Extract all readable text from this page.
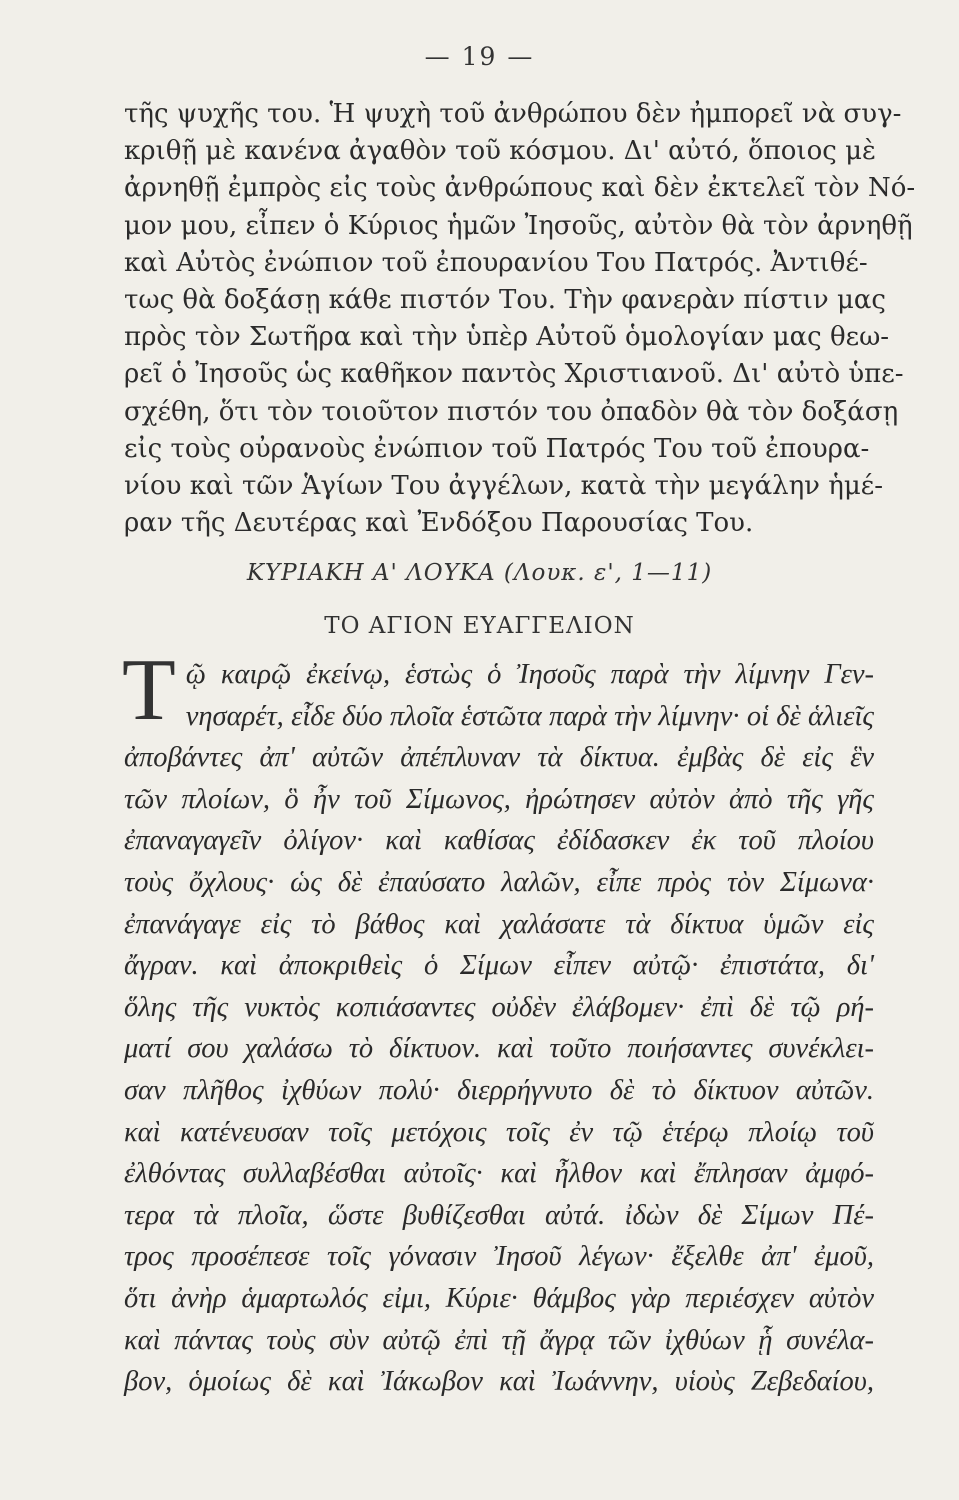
— 19 —
τῆς ψυχῆς του. Ἡ ψυχὴ τοῦ ἀνθρώπου δὲν ἠμπορεῖ νὰ συγ-
κριθῇ μὲ κανένα ἀγαθὸν τοῦ κόσμου. Δι' αὐτό, ὅποιος μὲ
ἀρνηθῇ ἐμπρὸς εἰς τοὺς ἀνθρώπους καὶ δὲν ἐκτελεῖ τὸν Νό-
μον μου, εἶπεν ὁ Κύριος ἡμῶν Ἰησοῦς, αὐτὸν θὰ τὸν ἀρνηθῇ
καὶ Αὐτὸς ἐνώπιον τοῦ ἐπουρανίου Του Πατρός. Ἀντιθέ-
τως θὰ δοξάσῃ κάθε πιστόν Του. Τὴν φανερὰν πίστιν μας
πρὸς τὸν Σωτῆρα καὶ τὴν ὑπὲρ Αὐτοῦ ὁμολογίαν μας θεω-
ρεῖ ὁ Ἰησοῦς ὡς καθῆκον παντὸς Χριστιανοῦ. Δι' αὐτὸ ὑπε-
σχέθη, ὅτι τὸν τοιοῦτον πιστόν του ὀπαδὸν θὰ τὸν δοξάσῃ
εἰς τοὺς οὐρανοὺς ἐνώπιον τοῦ Πατρός Του τοῦ ἐπουρα-
νίου καὶ τῶν Ἁγίων Του ἀγγέλων, κατὰ τὴν μεγάλην ἡμέ-
ραν τῆς Δευτέρας καὶ Ἐνδόξου Παρουσίας Του.
ΚΥΡΙΑΚΗ Α' ΛΟΥΚΑ (Λουκ. ε', 1—11)
ΤΟ ΑΓΙΟΝ ΕΥΑΓΓΕΛΙΟΝ
Τ ῷ καιρῷ ἐκείνῳ, ἑστὼς ὁ Ἰησοῦς παρὰ τὴν λίμνην Γεν-
νησαρέτ, εἶδε δύο πλοῖα ἑστῶτα παρὰ τὴν λίμνην· οἱ δὲ ἁλιεῖς
ἀποβάντες ἀπ' αὐτῶν ἀπέπλυναν τὰ δίκτυα. ἐμβὰς δὲ εἰς ἓν
τῶν πλοίων, ὃ ἦν τοῦ Σίμωνος, ἠρώτησεν αὐτὸν ἀπὸ τῆς γῆς
ἐπαναγαγεῖν ὀλίγον· καὶ καθίσας ἐδίδασκεν ἐκ τοῦ πλοίου
τοὺς ὄχλους· ὡς δὲ ἐπαύσατο λαλῶν, εἶπε πρὸς τὸν Σίμωνα·
ἐπανάγαγε εἰς τὸ βάθος καὶ χαλάσατε τὰ δίκτυα ὑμῶν εἰς
ἄγραν. καὶ ἀποκριθεὶς ὁ Σίμων εἶπεν αὐτῷ· ἐπιστάτα, δι'
ὅλης τῆς νυκτὸς κοπιάσαντες οὐδὲν ἐλάβομεν· ἐπὶ δὲ τῷ ρή-
ματί σου χαλάσω τὸ δίκτυον. καὶ τοῦτο ποιήσαντες συνέκλει-
σαν πλῆθος ἰχθύων πολύ· διερρήγνυτο δὲ τὸ δίκτυον αὐτῶν.
καὶ κατένευσαν τοῖς μετόχοις τοῖς ἐν τῷ ἑτέρῳ πλοίῳ τοῦ
ἐλθόντας συλλαβέσθαι αὐτοῖς· καὶ ἦλθον καὶ ἔπλησαν ἀμφό-
τερα τὰ πλοῖα, ὥστε βυθίζεσθαι αὐτά. ἰδὼν δὲ Σίμων Πέ-
τρος προσέπεσε τοῖς γόνασιν Ἰησοῦ λέγων· ἔξελθε ἀπ' ἐμοῦ,
ὅτι ἀνὴρ ἁμαρτωλός εἰμι, Κύριε· θάμβος γὰρ περιέσχεν αὐτὸν
καὶ πάντας τοὺς σὺν αὐτῷ ἐπὶ τῇ ἄγρᾳ τῶν ἰχθύων ᾗ συνέλα-
βον, ὁμοίως δὲ καὶ Ἰάκωβον καὶ Ἰωάννην, υἱοὺς Ζεβεδαίου,
